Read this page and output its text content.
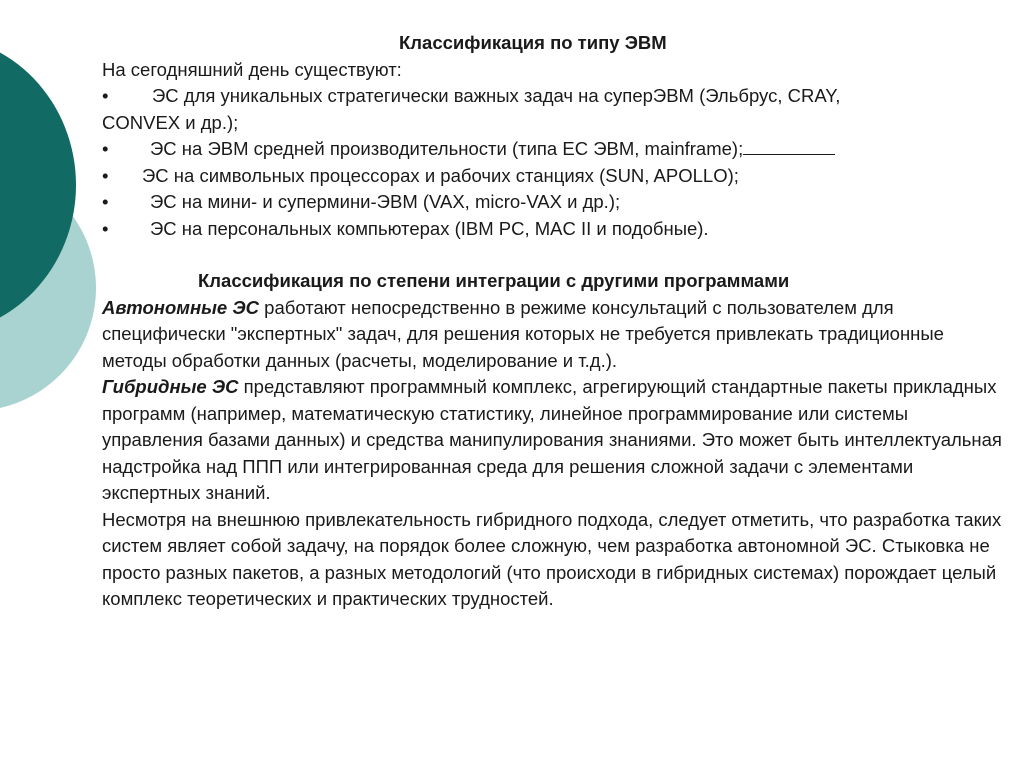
Классификация по типу ЭВМ

На сегодняшний день существуют:

• ЭС для уникальных стратегически важных задач на суперЭВМ (Эльбрус, CRAY,
CONVEX и др.);
• ЭС на ЭВМ средней производительности (типа ЕС ЭВМ, mainframe);
• ЭС на символьных процессорах и рабочих станциях (SUN, APOLLO);
• ЭС на мини- и супермини-ЭВМ (VAX, micro-VAX и др.);
• ЭС на персональных компьютерах (IBM PC, MAC II и подобные).

Классификация по степени интеграции с другими программами

Автономные ЭС работают непосредственно в режиме консультаций с пользователем для специфически "экспертных" задач, для решения которых не требуется привлекать традиционные методы обработки данных (расчеты, моделирование и т.д.).

Гибридные ЭС представляют программный комплекс, агрегирующий стандартные пакеты прикладных программ (например, математическую статистику, линейное программирование или системы управления базами данных) и средства манипулирования знаниями. Это может быть интеллектуальная надстройка над ППП или интегрированная среда для решения сложной задачи с элементами экспертных знаний.

Несмотря на внешнюю привлекательность гибридного подхода, следует отметить, что разработка таких систем являет собой задачу, на порядок более сложную, чем разработка автономной ЭС. Стыковка не просто разных пакетов, а разных методологий (что происходи в гибридных системах) порождает целый комплекс теоретических и практических трудностей.
